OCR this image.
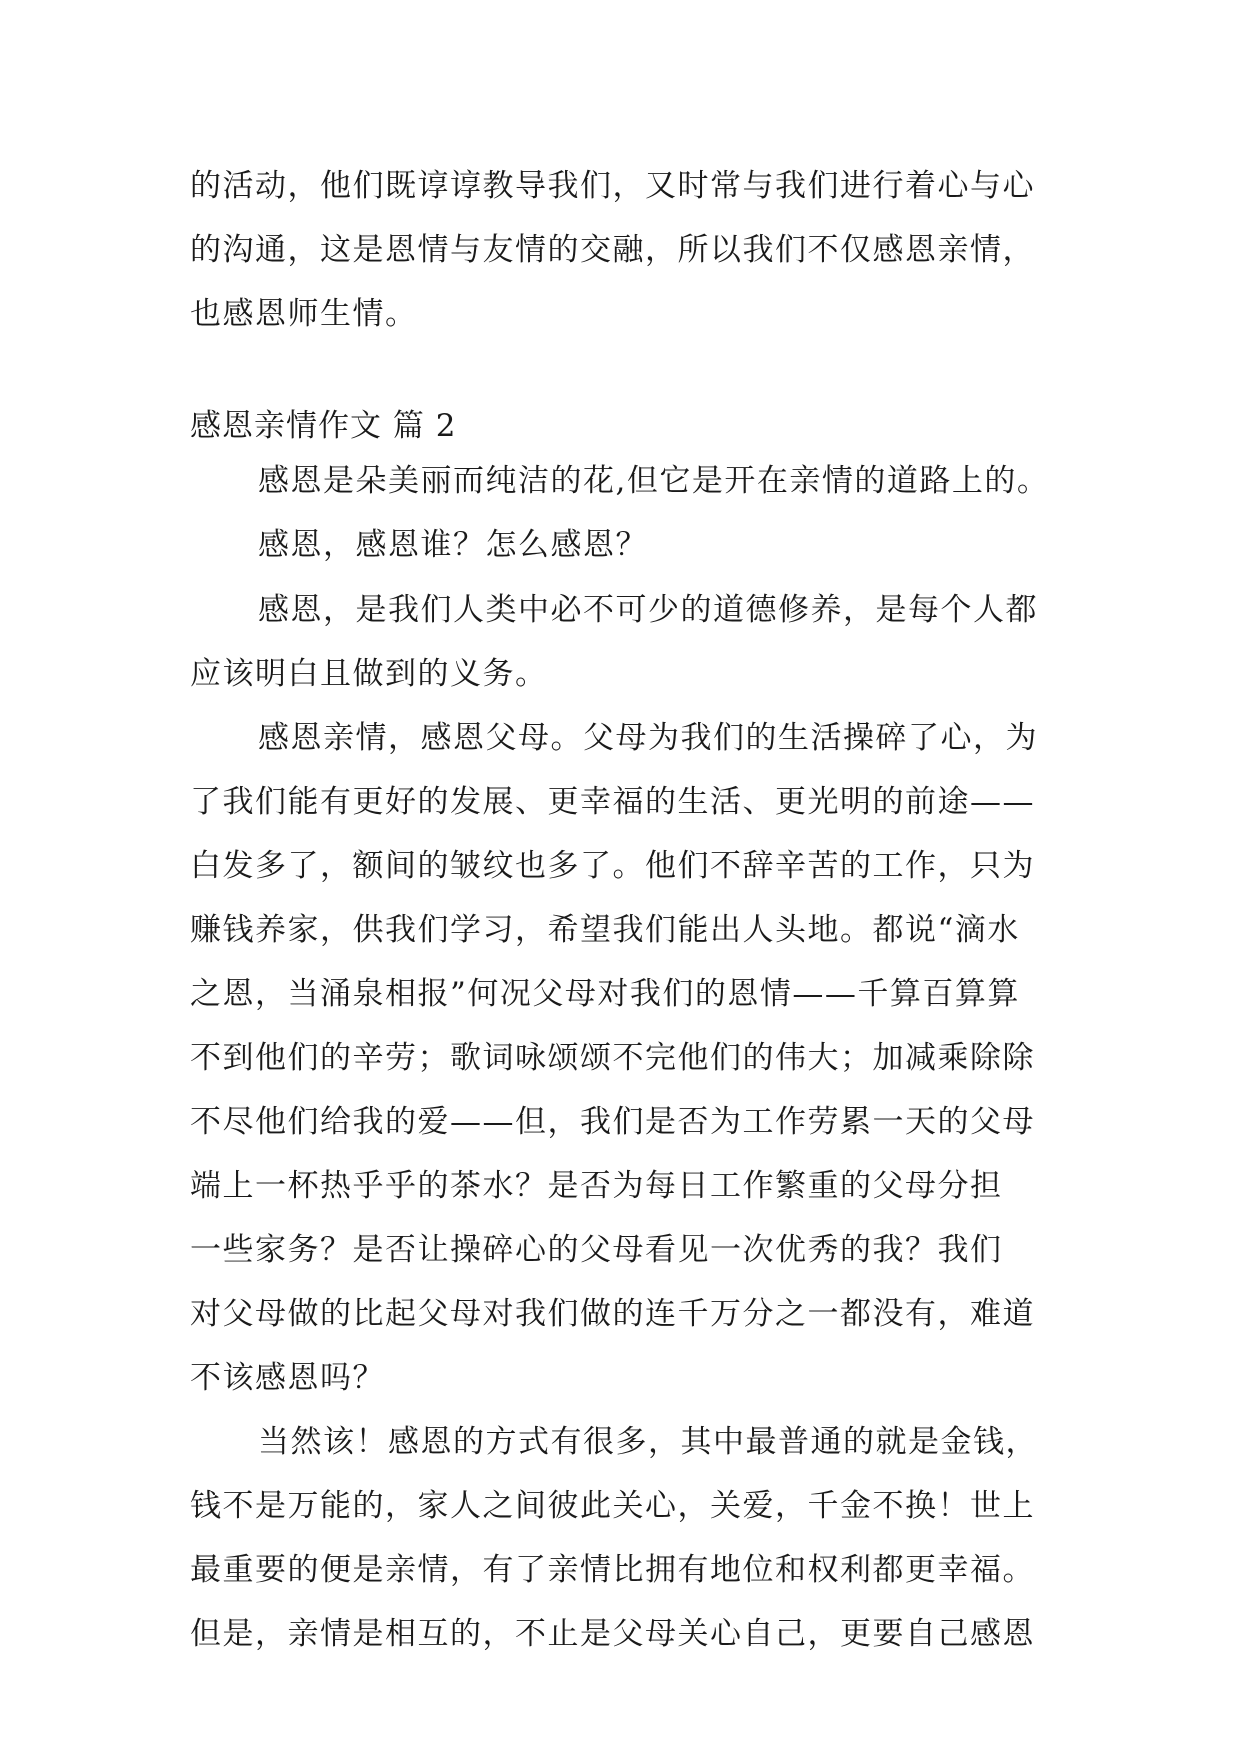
的活动，他们既谆谆教导我们，又时常与我们进行着心与心
的沟通，这是恩情与友情的交融，所以我们不仅感恩亲情，
也感恩师生情。
感恩亲情作文 篇 2
感恩是朵美丽而纯洁的花,但它是开在亲情的道路上的。
感恩，感恩谁？怎么感恩？
感恩，是我们人类中必不可少的道德修养，是每个人都
应该明白且做到的义务。
感恩亲情，感恩父母。父母为我们的生活操碎了心，为
了我们能有更好的发展、更幸福的生活、更光明的前途——
白发多了，额间的皱纹也多了。他们不辞辛苦的工作，只为
赚钱养家，供我们学习，希望我们能出人头地。都说“滴水
之恩，当涌泉相报”何况父母对我们的恩情——千算百算算
不到他们的辛劳；歌词咏颂颂不完他们的伟大；加减乘除除
不尽他们给我的爱——但，我们是否为工作劳累一天的父母
端上一杯热乎乎的茶水？是否为每日工作繁重的父母分担
一些家务？是否让操碎心的父母看见一次优秀的我？我们
对父母做的比起父母对我们做的连千万分之一都没有，难道
不该感恩吗？
当然该！感恩的方式有很多，其中最普通的就是金钱，
钱不是万能的，家人之间彼此关心，关爱，千金不换！世上
最重要的便是亲情，有了亲情比拥有地位和权利都更幸福。
但是，亲情是相互的，不止是父母关心自己，更要自己感恩
